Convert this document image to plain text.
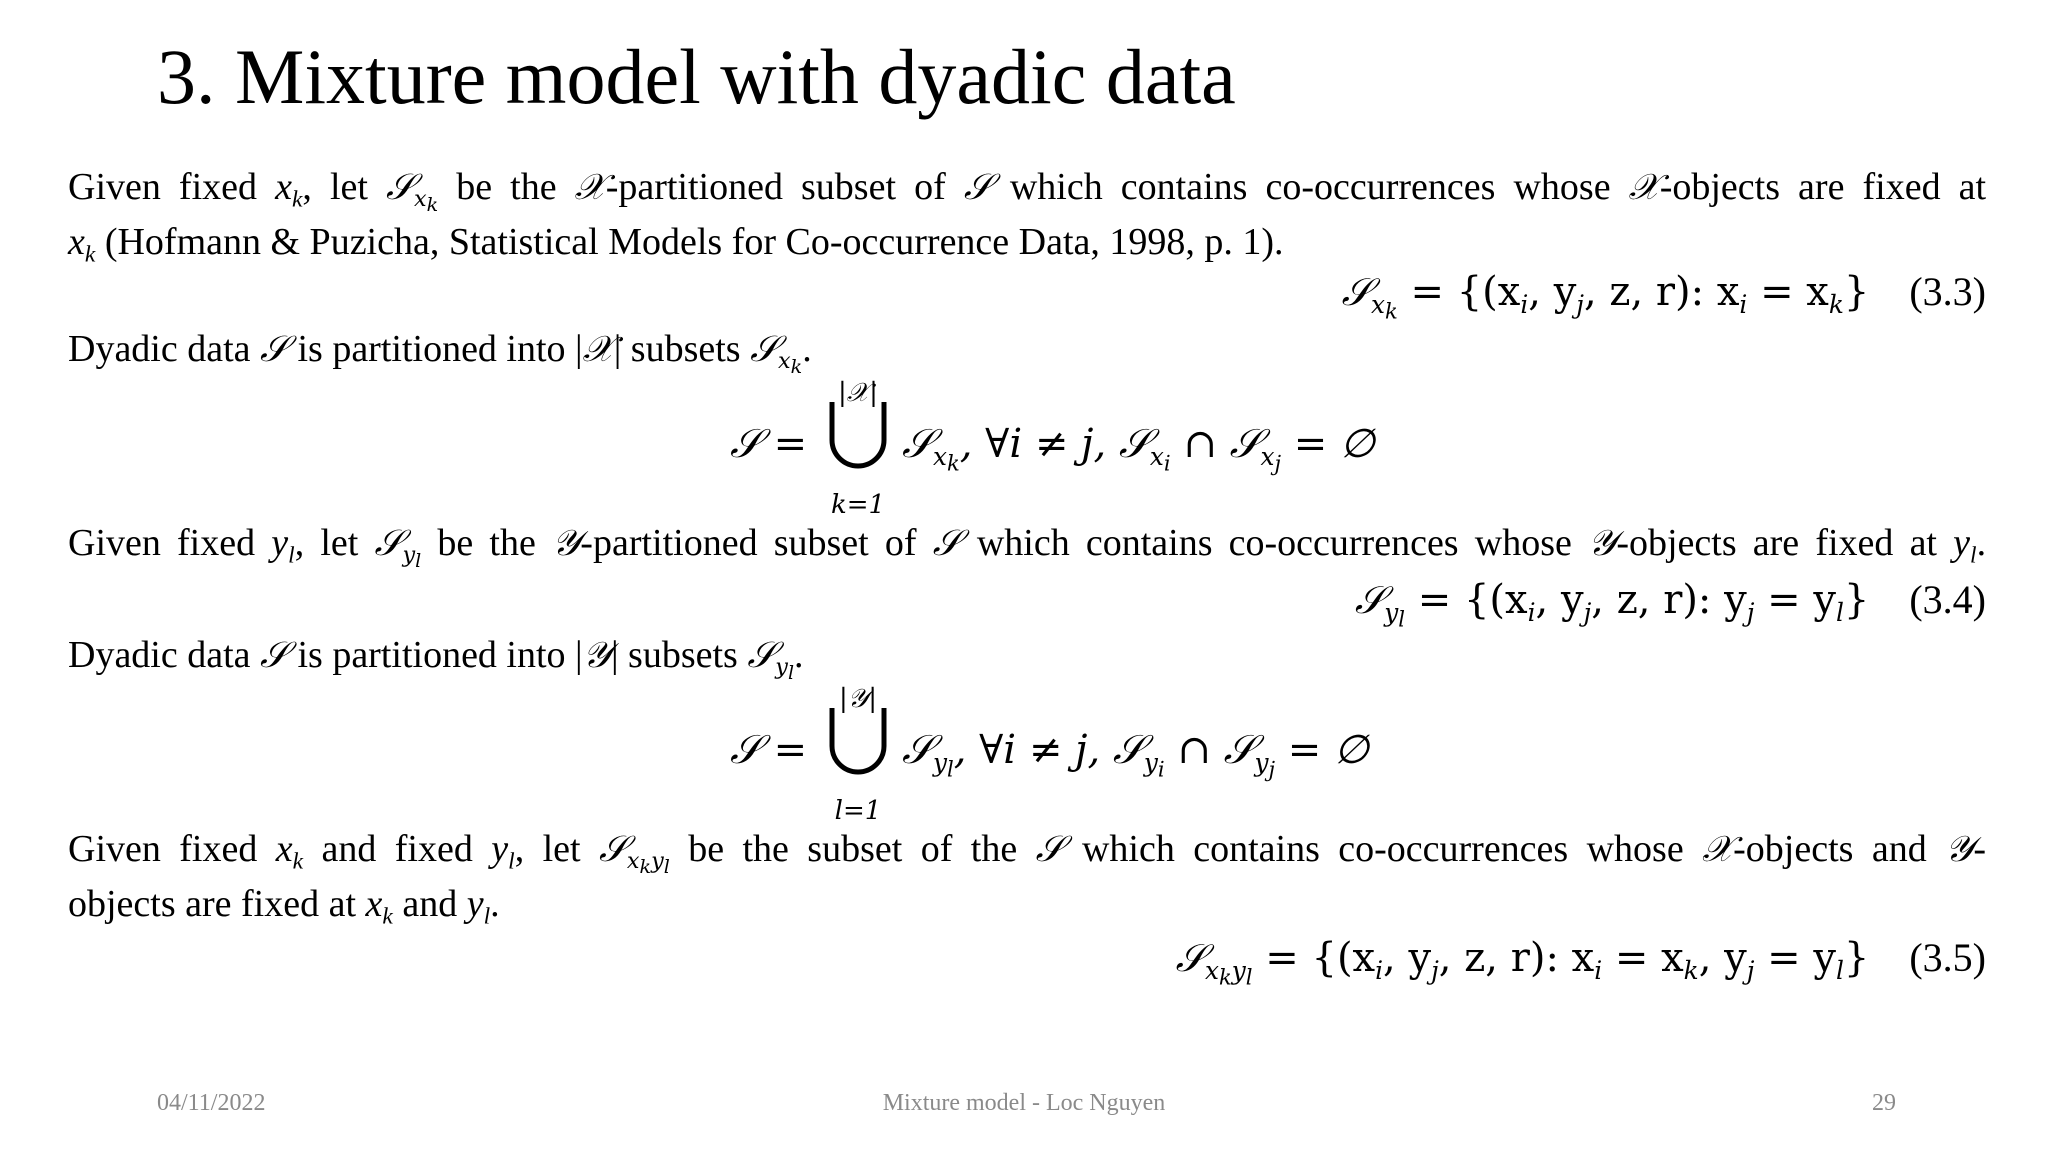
3. Mixture model with dyadic data
Given fixed $x_k$, let 𝒮$_{x_k}$ be the 𝒳-partitioned subset of 𝒮 which contains co-occurrences whose 𝒳-objects are fixed at
$x_k$ (Hofmann & Puzicha, Statistical Models for Co-occurrence Data, 1998, p. 1).
𝒮$_{x_k}$ = {($x_i$, $y_j$, z, r): $x_i = x_k$} (3.3)
Dyadic data 𝒮 is partitioned into |𝒳| subsets 𝒮$_{x_k}$.
𝒮 =
|𝒳|
k=1
𝒮$_{x_k}$, ∀i ≠ j, 𝒮$_{x_i}$ ∩ 𝒮$_{x_j}$ = ∅
Given fixed $y_l$, let 𝒮$_{y_l}$ be the 𝒴-partitioned subset of 𝒮 which contains co-occurrences whose 𝒴-objects are fixed at $y_l$.
𝒮$_{y_l}$ = {($x_i$, $y_j$, z, r): $y_j = y_l$} (3.4)
Dyadic data 𝒮 is partitioned into |𝒴| subsets 𝒮$_{y_l}$.
𝒮 =
|𝒴|
l=1
𝒮$_{y_l}$, ∀i ≠ j, 𝒮$_{y_i}$ ∩ 𝒮$_{y_j}$ = ∅
Given fixed $x_k$ and fixed $y_l$, let 𝒮$_{x_ky_l}$ be the subset of the 𝒮 which contains co-occurrences whose 𝒳-objects and 𝒴-
objects are fixed at $x_k$ and $y_l$.
𝒮$_{x_ky_l}$ = {($x_i$, $y_j$, z, r): $x_i = x_k$, $y_j = y_l$} (3.5)
04/11/2022	Mixture model - Loc Nguyen	29
